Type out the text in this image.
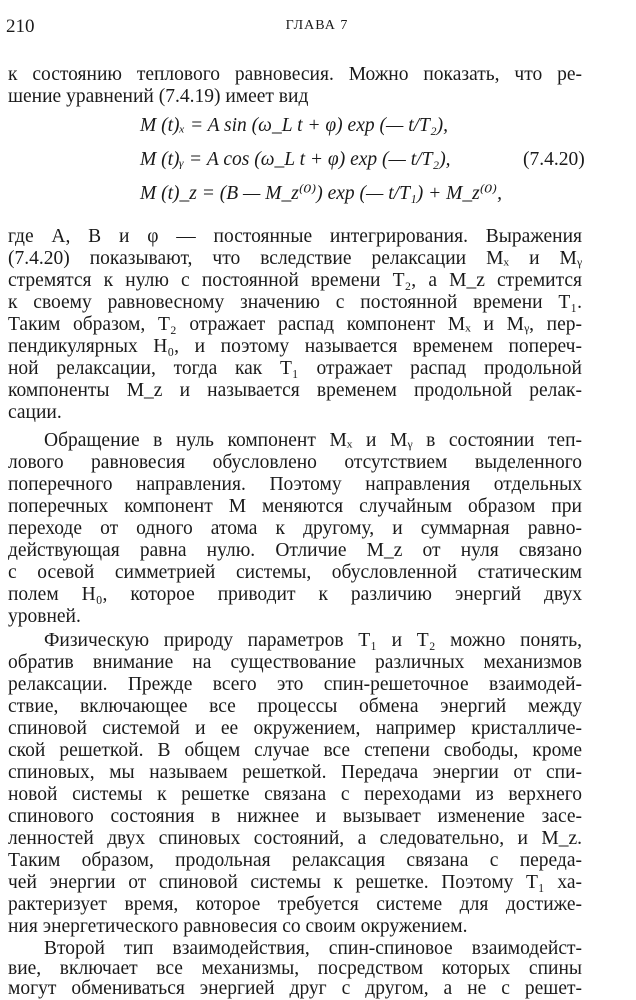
210	ГЛАВА 7
к состоянию теплового равновесия. Можно показать, что ре-
шение уравнений (7.4.19) имеет вид
M (t)ₓ = A sin (ω_L t + φ) exp (— t/T₂),
M (t)ᵧ = A cos (ω_L t + φ) exp (— t/T₂),
M (t)_z = (B — M_z⁽⁰⁾) exp (— t/T₁) + M_z⁽⁰⁾,
(7.4.20)
где A, B и φ — постоянные интегрирования. Выражения
(7.4.20) показывают, что вследствие релаксации Mₓ и Mᵧ
стремятся к нулю с постоянной времени T₂, а M_z стремится
к своему равновесному значению с постоянной времени T₁.
Таким образом, T₂ отражает распад компонент Mₓ и Mᵧ, пер-
пендикулярных H₀, и поэтому называется временем попереч-
ной релаксации, тогда как T₁ отражает распад продольной
компоненты M_z и называется временем продольной релак-
сации.
Обращение в нуль компонент Mₓ и Mᵧ в состоянии теп-
лового равновесия обусловлено отсутствием выделенного
поперечного направления. Поэтому направления отдельных
поперечных компонент M меняются случайным образом при
переходе от одного атома к другому, и суммарная равно-
действующая равна нулю. Отличие M_z от нуля связано
с осевой симметрией системы, обусловленной статическим
полем H₀, которое приводит к различию энергий двух
уровней.
Физическую природу параметров T₁ и T₂ можно понять,
обратив внимание на существование различных механизмов
релаксации. Прежде всего это спин-решеточное взаимодей-
ствие, включающее все процессы обмена энергий между
спиновой системой и ее окружением, например кристалличе-
ской решеткой. В общем случае все степени свободы, кроме
спиновых, мы называем решеткой. Передача энергии от спи-
новой системы к решетке связана с переходами из верхнего
спинового состояния в нижнее и вызывает изменение засе-
ленностей двух спиновых состояний, а следовательно, и M_z.
Таким образом, продольная релаксация связана с переда-
чей энергии от спиновой системы к решетке. Поэтому T₁ ха-
рактеризует время, которое требуется системе для достиже-
ния энергетического равновесия со своим окружением.
Второй тип взаимодействия, спин-спиновое взаимодейст-
вие, включает все механизмы, посредством которых спины
могут обмениваться энергией друг с другом, а не с решет-
